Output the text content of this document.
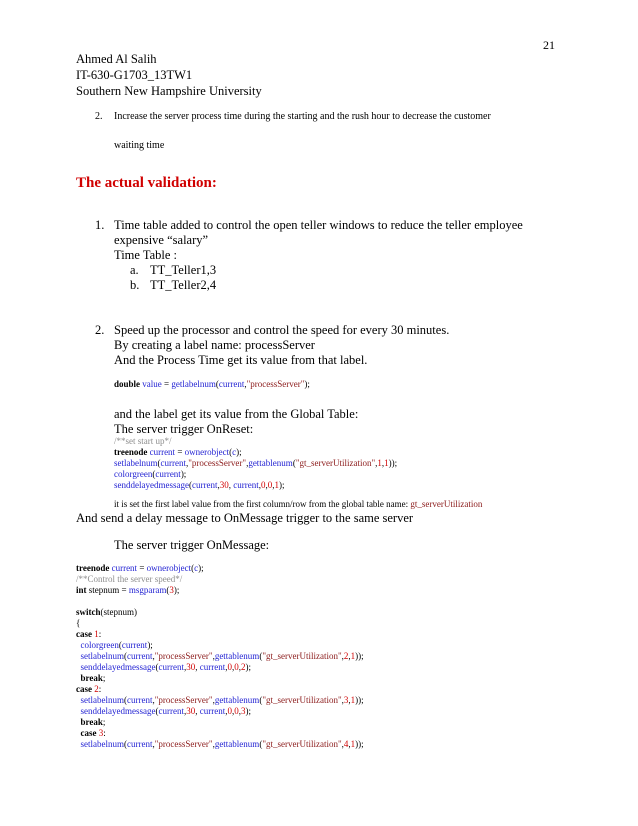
21
Ahmed Al Salih
IT-630-G1703_13TW1
Southern New Hampshire University
2. Increase the server process time during the starting and the rush hour to decrease the customer
waiting time
The actual validation:
1. Time table added to control the open teller windows to reduce the teller employee
expensive “salary”
Time Table :
a. TT_Teller1,3
b. TT_Teller2,4
2. Speed up the processor and control the speed for every 30 minutes.
By creating a label name: processServer
And the Process Time get its value from that label.
double value = getlabelnum(current,"processServer");
and the label get its value from the Global Table:
The server trigger OnReset:
/**set start up*/
treenode current = ownerobject(c);
setlabelnum(current,"processServer",gettablenum("gt_serverUtilization",1,1));
colorgreen(current);
senddelayedmessage(current,30, current,0,0,1);
it is set the first label value from the first column/row from the global table name: gt_serverUtilization
And send a delay message to OnMessage trigger to the same server
The server trigger OnMessage:
treenode current = ownerobject(c);
/**Control the server speed*/
int stepnum = msgparam(3);

switch(stepnum)
{
case 1:
colorgreen(current);
setlabelnum(current,"processServer",gettablenum("gt_serverUtilization",2,1));
senddelayedmessage(current,30, current,0,0,2);
break;
case 2:
setlabelnum(current,"processServer",gettablenum("gt_serverUtilization",3,1));
senddelayedmessage(current,30, current,0,0,3);
break;
case 3:
setlabelnum(current,"processServer",gettablenum("gt_serverUtilization",4,1));
